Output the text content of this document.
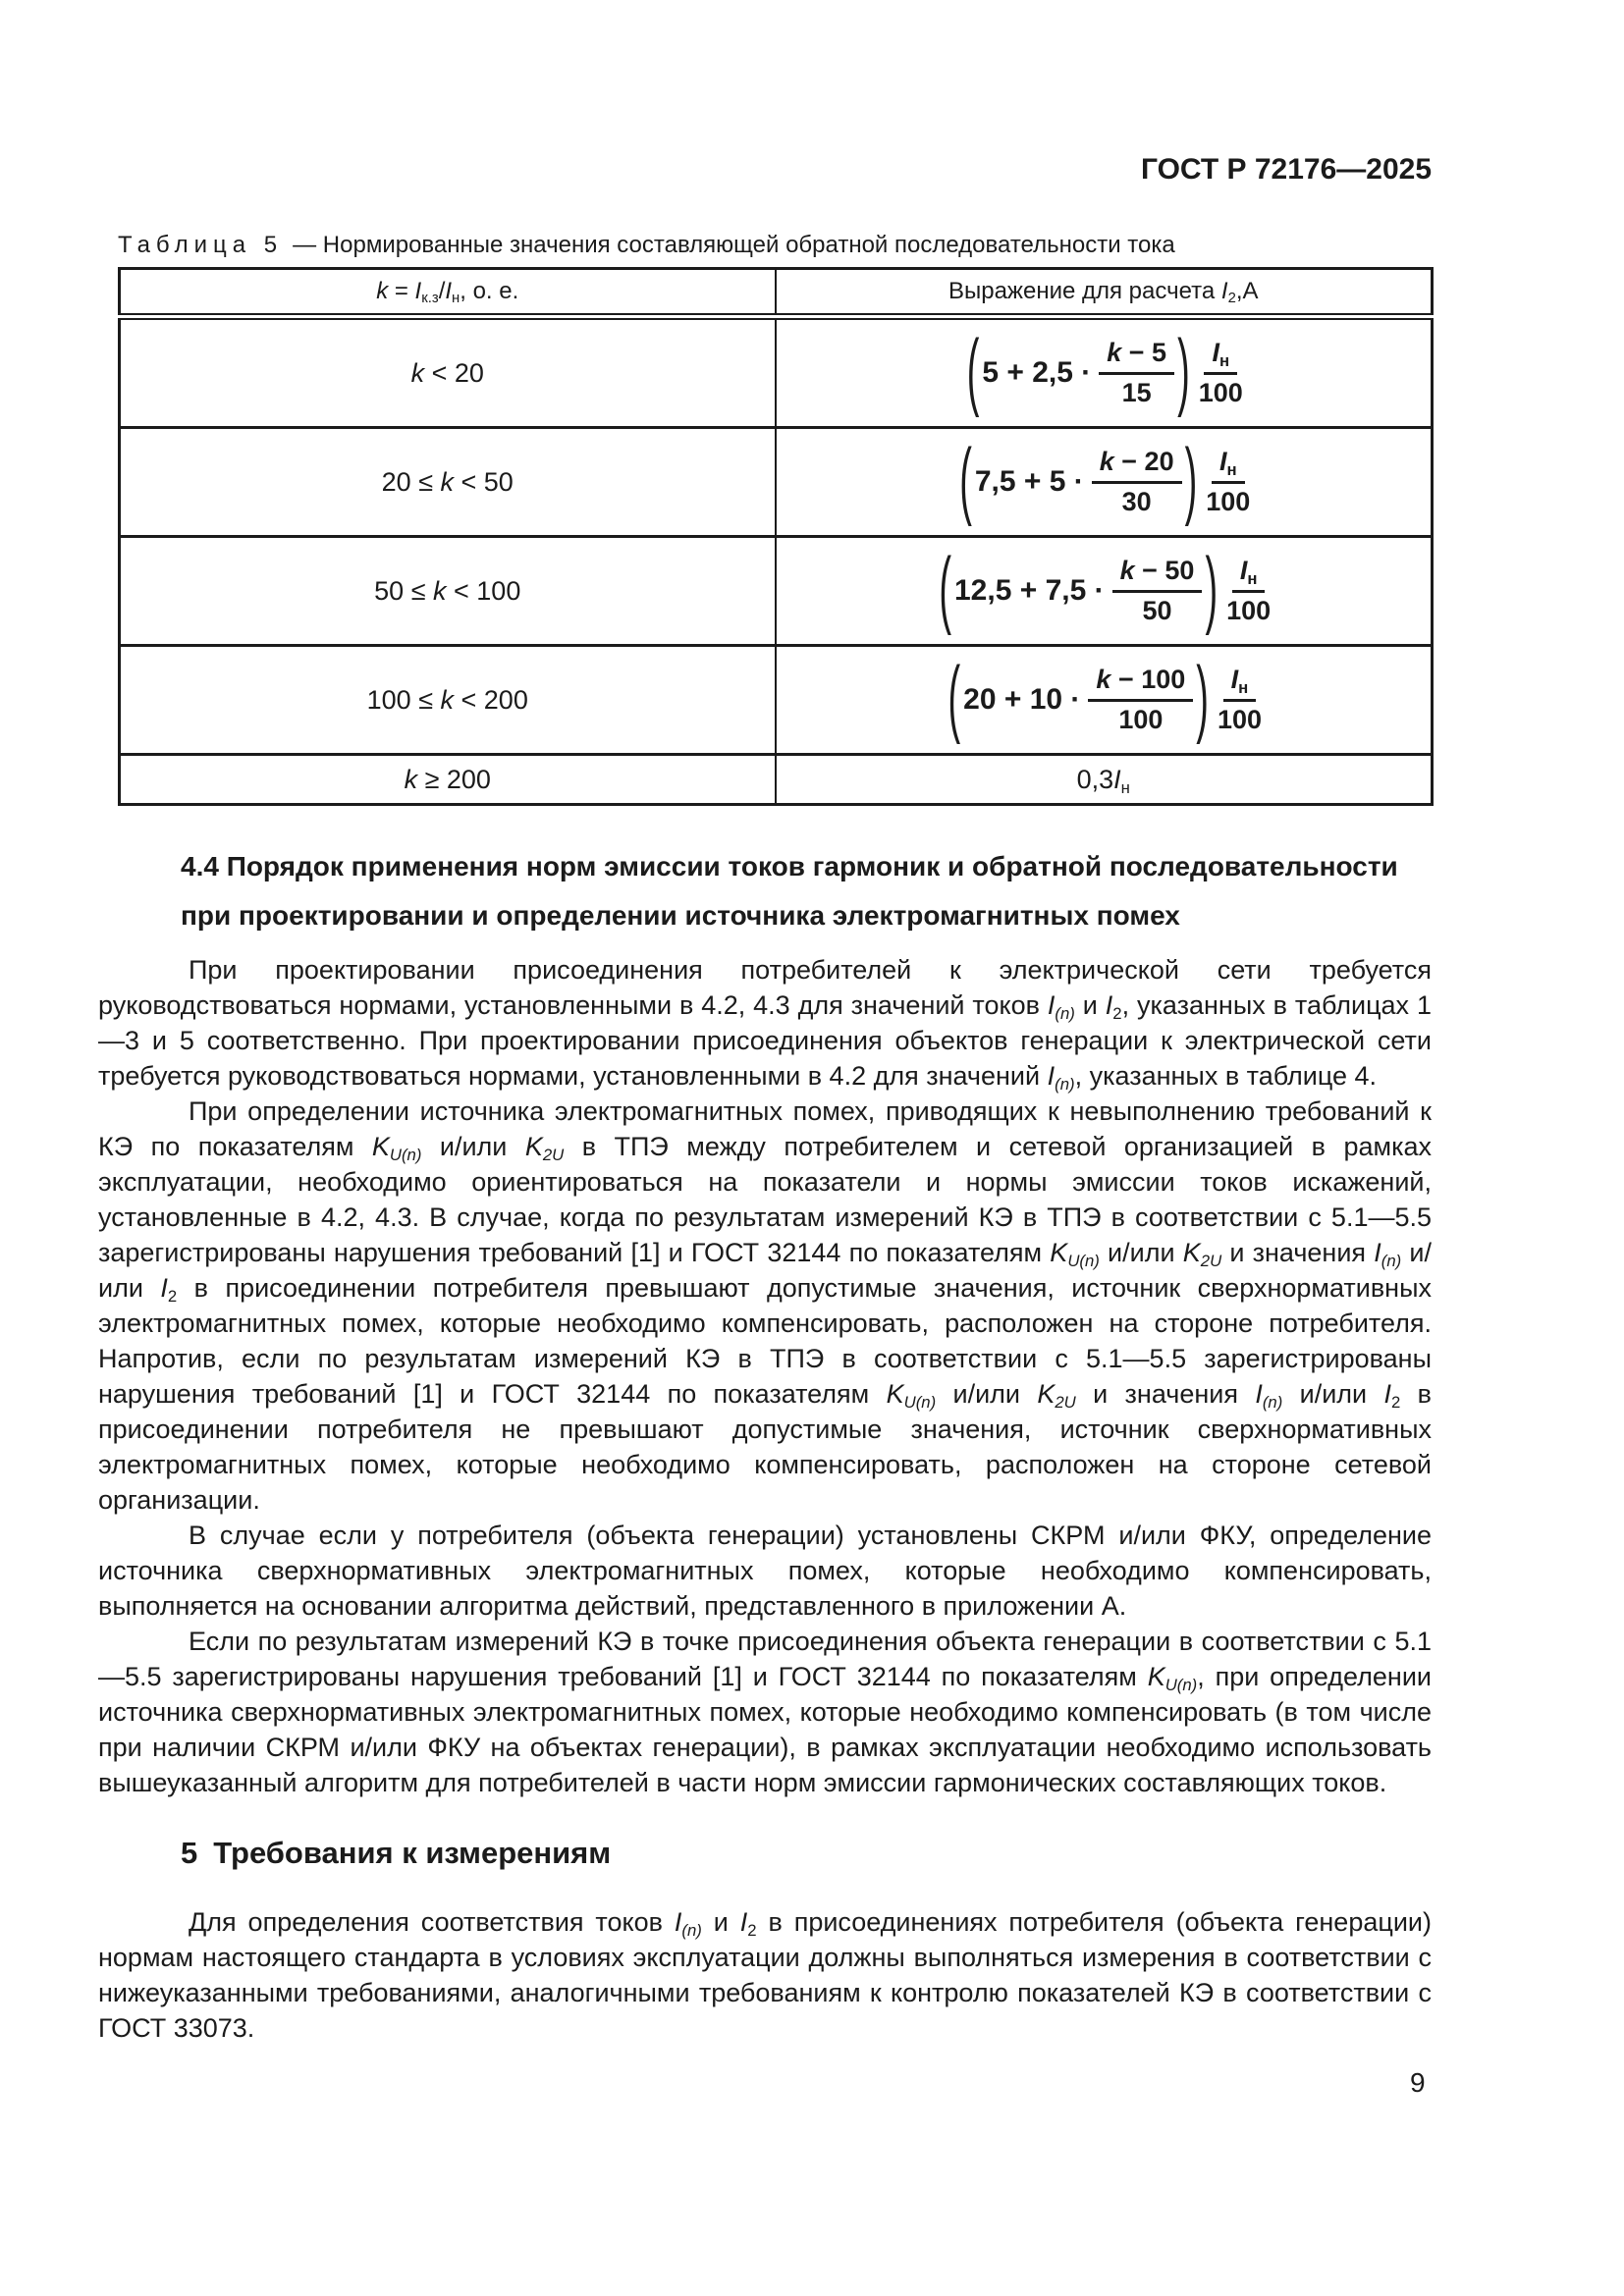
ГОСТ Р 72176—2025
Таблица 5 — Нормированные значения составляющей обратной последовательности тока
$k = I_{к.з}/I_н$, о. е.	Выражение для расчета $I_2,А$
k < 20	( $5 + 2,5 \cdot \frac{k - 5}{15}$ ) $\frac{I_н}{100}$

20 ≤ k < 50	( $7,5 + 5 \cdot \frac{k - 20}{30}$ ) $\frac{I_н}{100}$

50 ≤ k < 100	( $12,5 + 7,5 \cdot \frac{k - 50}{50}$ ) $\frac{I_н}{100}$

100 ≤ k < 200	( $20 + 10 \cdot \frac{k - 100}{100}$ ) $\frac{I_н}{100}$

k ≥ 200	$0,3I_н$
4.4 Порядок применения норм эмиссии токов гармоник и обратной последовательности при проектировании и определении источника электромагнитных помех

При проектировании присоединения потребителей к электрической сети требуется руководствоваться нормами, установленными в 4.2, 4.3 для значений токов $I_{(n)}$ и $I_2$, указанных в таблицах 1—3 и 5 соответственно. При проектировании присоединения объектов генерации к электрической сети требуется руководствоваться нормами, установленными в 4.2 для значений $I_{(n)}$, указанных в таблице 4.

При определении источника электромагнитных помех, приводящих к невыполнению требований к КЭ по показателям $K_{U(n)}$ и/или $K_{2U}$ в ТПЭ между потребителем и сетевой организацией в рамках эксплуатации, необходимо ориентироваться на показатели и нормы эмиссии токов искажений, установленные в 4.2, 4.3. В случае, когда по результатам измерений КЭ в ТПЭ в соответствии с 5.1—5.5 зарегистрированы нарушения требований [1] и ГОСТ 32144 по показателям $K_{U(n)}$ и/или $K_{2U}$ и значения $I_{(n)}$ и/или $I_2$ в присоединении потребителя превышают допустимые значения, источник сверхнормативных электромагнитных помех, которые необходимо компенсировать, расположен на стороне потребителя. Напротив, если по результатам измерений КЭ в ТПЭ в соответствии с 5.1—5.5 зарегистрированы нарушения требований [1] и ГОСТ 32144 по показателям $K_{U(n)}$ и/или $K_{2U}$ и значения $I_{(n)}$ и/или $I_2$ в присоединении потребителя не превышают допустимые значения, источник сверхнормативных электромагнитных помех, которые необходимо компенсировать, расположен на стороне сетевой организации.

В случае если у потребителя (объекта генерации) установлены СКРМ и/или ФКУ, определение источника сверхнормативных электромагнитных помех, которые необходимо компенсировать, выполняется на основании алгоритма действий, представленного в приложении А.

Если по результатам измерений КЭ в точке присоединения объекта генерации в соответствии с 5.1—5.5 зарегистрированы нарушения требований [1] и ГОСТ 32144 по показателям $K_{U(n)}$, при определении источника сверхнормативных электромагнитных помех, которые необходимо компенсировать (в том числе при наличии СКРМ и/или ФКУ на объектах генерации), в рамках эксплуатации необходимо использовать вышеуказанный алгоритм для потребителей в части норм эмиссии гармонических составляющих токов.

5 Требования к измерениям

Для определения соответствия токов $I_{(n)}$ и $I_2$ в присоединениях потребителя (объекта генерации) нормам настоящего стандарта в условиях эксплуатации должны выполняться измерения в соответствии с нижеуказанными требованиями, аналогичными требованиям к контролю показателей КЭ в соответствии с ГОСТ 33073.

9
